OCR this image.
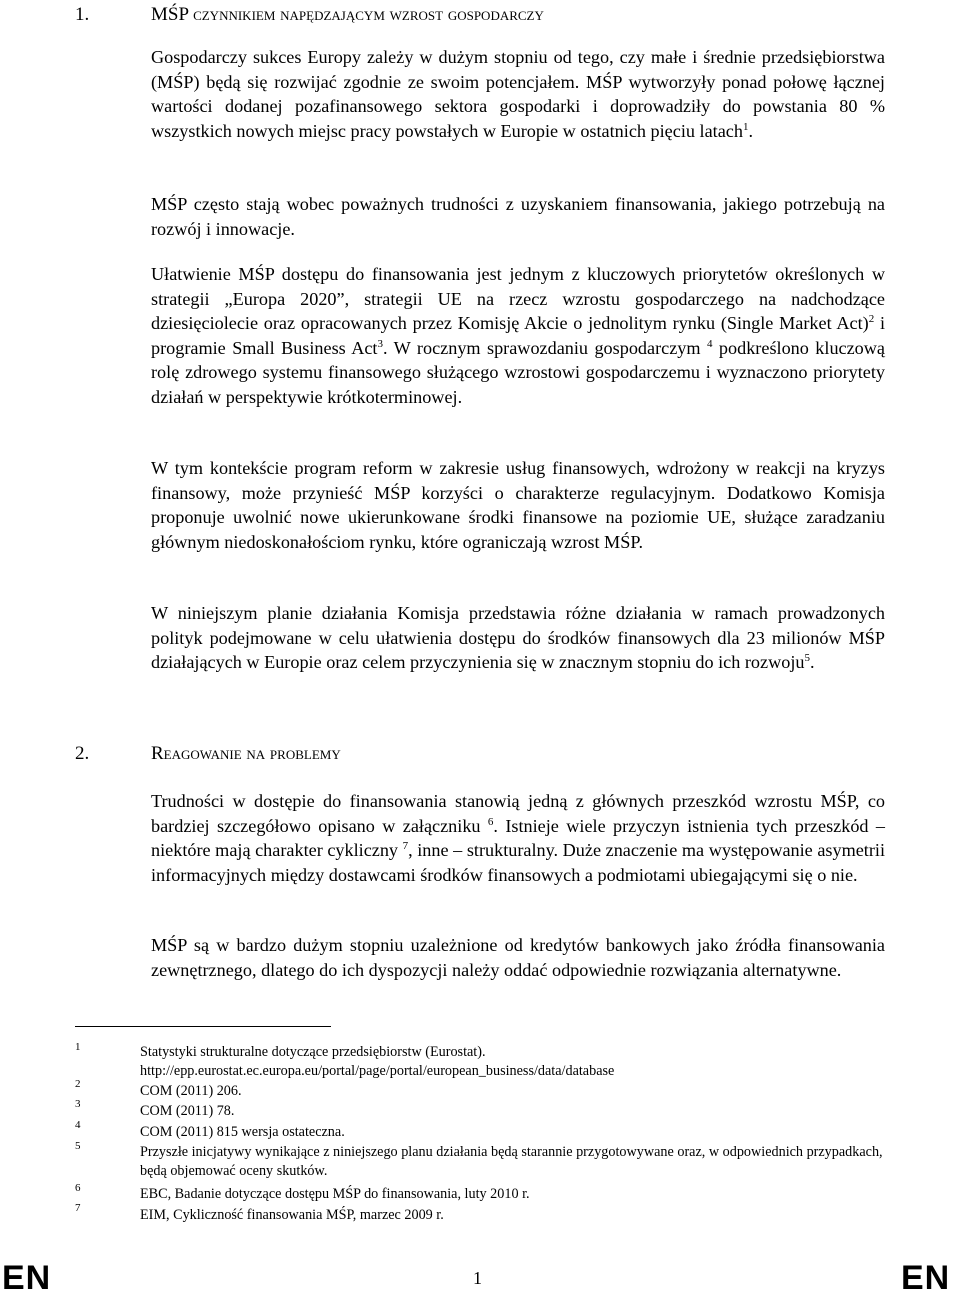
1.	MŚP czynnikiem napędzającym wzrost gospodarczy

Gospodarczy sukces Europy zależy w dużym stopniu od tego, czy małe i średnie przedsiębiorstwa (MŚP) będą się rozwijać zgodnie ze swoim potencjałem. MŚP wytworzyły ponad połowę łącznej wartości dodanej pozafinansowego sektora gospodarki i doprowadziły do powstania 80 % wszystkich nowych miejsc pracy powstałych w Europie w ostatnich pięciu latach$^1$.

MŚP często stają wobec poważnych trudności z uzyskaniem finansowania, jakiego potrzebują na rozwój i innowacje.

Ułatwienie MŚP dostępu do finansowania jest jednym z kluczowych priorytetów określonych w strategii „Europa 2020”, strategii UE na rzecz wzrostu gospodarczego na nadchodzące dziesięciolecie oraz opracowanych przez Komisję Akcie o jednolitym rynku (Single Market Act)$^2$ i programie Small Business Act$^3$. W rocznym sprawozdaniu gospodarczym $^4$ podkreślono kluczową rolę zdrowego systemu finansowego służącego wzrostowi gospodarczemu i wyznaczono priorytety działań w perspektywie krótkoterminowej.

W tym kontekście program reform w zakresie usług finansowych, wdrożony w reakcji na kryzys finansowy, może przynieść MŚP korzyści o charakterze regulacyjnym. Dodatkowo Komisja proponuje uwolnić nowe ukierunkowane środki finansowe na poziomie UE, służące zaradzaniu głównym niedoskonałościom rynku, które ograniczają wzrost MŚP.

W niniejszym planie działania Komisja przedstawia różne działania w ramach prowadzonych polityk podejmowane w celu ułatwienia dostępu do środków finansowych dla 23 milionów MŚP działających w Europie oraz celem przyczynienia się w znacznym stopniu do ich rozwoju$^5$.

2.	Reagowanie na problemy

Trudności w dostępie do finansowania stanowią jedną z głównych przeszkód wzrostu MŚP, co bardziej szczegółowo opisano w załączniku $^6$. Istnieje wiele przyczyn istnienia tych przeszkód – niektóre mają charakter cykliczny $^7$, inne – strukturalny. Duże znaczenie ma występowanie asymetrii informacyjnych między dostawcami środków finansowych a podmiotami ubiegającymi się o nie.

MŚP są w bardzo dużym stopniu uzależnione od kredytów bankowych jako źródła finansowania zewnętrznego, dlatego do ich dyspozycji należy oddać odpowiednie rozwiązania alternatywne.

1	Statystyki strukturalne dotyczące przedsiębiorstw (Eurostat). http://epp.eurostat.ec.europa.eu/portal/page/portal/european_business/data/database

2	COM (2011) 206.

3	COM (2011) 78.

4	COM (2011) 815 wersja ostateczna.

5	Przyszłe inicjatywy wynikające z niniejszego planu działania będą starannie przygotowywane oraz, w odpowiednich przypadkach, będą objemować oceny skutków.

6	EBC, Badanie dotyczące dostępu MŚP do finansowania, luty 2010 r.

7	EIM, Cykliczność finansowania MŚP, marzec 2009 r.

EN	1	EN
